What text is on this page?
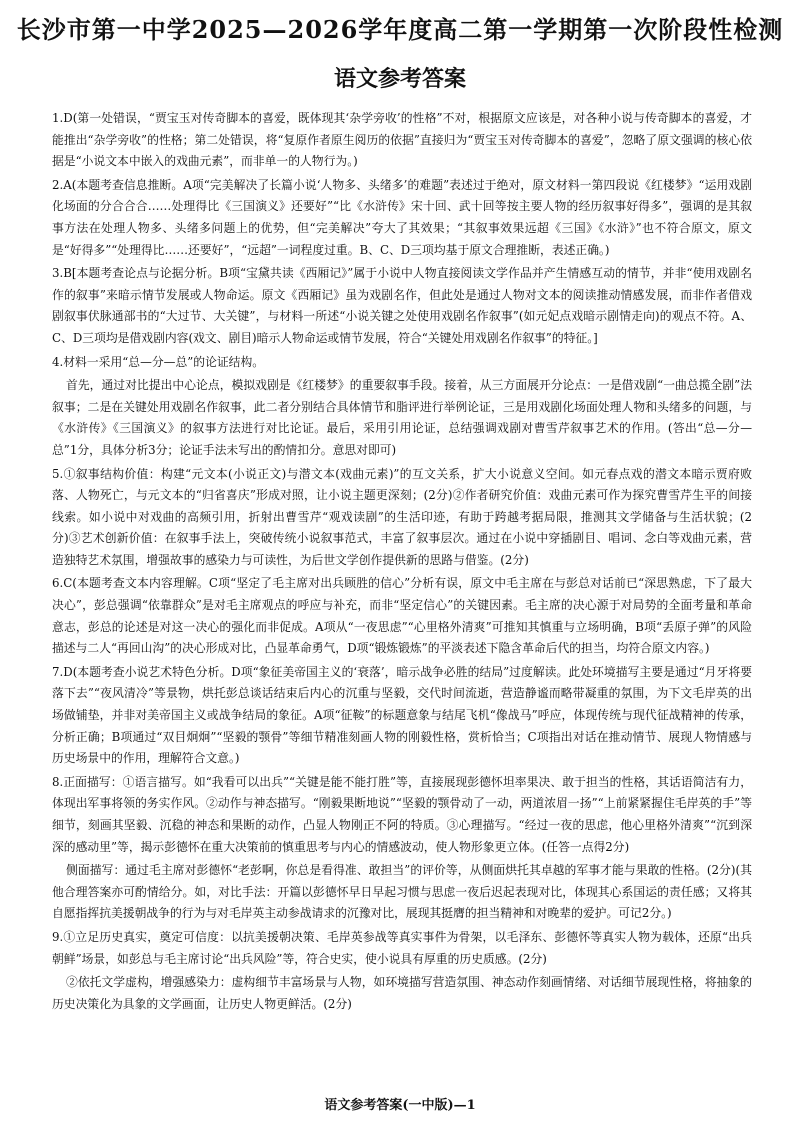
长沙市第一中学2025—2026学年度高二第一学期第一次阶段性检测
语文参考答案

1.D(第一处错误，“贾宝玉对传奇脚本的喜爱，既体现其‘杂学旁收’的性格”不对，根据原文应该是，对各种小说与传奇脚本的喜爱，才能推出“杂学旁收”的性格；第二处错误，将“复原作者原生阅历的依据”直接归为“贾宝玉对传奇脚本的喜爱”，忽略了原文强调的核心依据是“小说文本中嵌入的戏曲元素”，而非单一的人物行为。)

2.A(本题考查信息推断。A项“完美解决了长篇小说‘人物多、头绪多’的难题”表述过于绝对，原文材料一第四段说《红楼梦》“运用戏剧化场面的分合合合……处理得比《三国演义》还要好”“比《水浒传》宋十回、武十回等按主要人物的经历叙事好得多”，强调的是其叙事方法在处理人物多、头绪多问题上的优势，但“完美解决”夸大了其效果；“其叙事效果远超《三国》《水浒》”也不符合原文，原文是“好得多”“处理得比……还要好”，“远超”一词程度过重。B、C、D三项均基于原文合理推断，表述正确。)

3.B[本题考查论点与论据分析。B项“宝黛共读《西厢记》”属于小说中人物直接阅读文学作品并产生情感互动的情节，并非“使用戏剧名作的叙事”来暗示情节发展或人物命运。原文《西厢记》虽为戏剧名作，但此处是通过人物对文本的阅读推动情感发展，而非作者借戏剧叙事伏脉通部书的“大过节、大关键”，与材料一所述“小说关键之处使用戏剧名作叙事”(如元妃点戏暗示剧情走向)的观点不符。A、C、D三项均是借戏剧内容(戏文、剧目)暗示人物命运或情节发展，符合“关键处用戏剧名作叙事”的特征。]

4.材料一采用“总—分—总”的论证结构。

首先，通过对比提出中心论点，模拟戏剧是《红楼梦》的重要叙事手段。接着，从三方面展开分论点：一是借戏剧“一曲总揽全剧”法叙事；二是在关键处用戏剧名作叙事，此二者分别结合具体情节和脂评进行举例论证，三是用戏剧化场面处理人物和头绪多的问题，与《水浒传》《三国演义》的叙事方法进行对比论证。最后，采用引用论证，总结强调戏剧对曹雪芹叙事艺术的作用。(答出“总—分—总”1分，具体分析3分；论证手法未写出的酌情扣分。意思对即可)

5.①叙事结构价值：构建“元文本(小说正文)与潜文本(戏曲元素)”的互文关系，扩大小说意义空间。如元春点戏的潜文本暗示贾府败落、人物死亡，与元文本的“归省喜庆”形成对照，让小说主题更深刻；(2分)②作者研究价值：戏曲元素可作为探究曹雪芹生平的间接线索。如小说中对戏曲的高频引用，折射出曹雪芹“观戏读剧”的生活印迹，有助于跨越考据局限，推测其文学储备与生活状貌；(2分)③艺术创新价值：在叙事手法上，突破传统小说叙事范式，丰富了叙事层次。通过在小说中穿插剧目、唱词、念白等戏曲元素，营造独特艺术氛围，增强故事的感染力与可读性，为后世文学创作提供新的思路与借鉴。(2分)

6.C(本题考查文本内容理解。C项“坚定了毛主席对出兵顾胜的信心”分析有误，原文中毛主席在与彭总对话前已“深思熟虑，下了最大决心”，彭总强调“依靠群众”是对毛主席观点的呼应与补充，而非“坚定信心”的关键因素。毛主席的决心源于对局势的全面考量和革命意志，彭总的论述是对这一决心的强化而非促成。A项从“一夜思虑”“心里格外清爽”可推知其慎重与立场明确，B项“丢原子弹”的风险描述与二人“再回山沟”的决心形成对比，凸显革命勇气，D项“锻炼锻炼”的平淡表述下隐含革命后代的担当，均符合原文内容。)

7.D(本题考查小说艺术特色分析。D项“象征美帝国主义的‘衰落’，暗示战争必胜的结局”过度解读。此处环境描写主要是通过“月牙将要落下去”“夜风清冷”等景物，烘托彭总谈话结束后内心的沉重与坚毅，交代时间流逝，营造静谧而略带凝重的氛围，为下文毛岸英的出场做铺垫，并非对美帝国主义或战争结局的象征。A项“征鞍”的标题意象与结尾飞机“像战马”呼应，体现传统与现代征战精神的传承，分析正确；B项通过“双目炯炯”“坚毅的颚骨”等细节精准刻画人物的刚毅性格，赏析恰当；C项指出对话在推动情节、展现人物情感与历史场景中的作用，理解符合文意。)

8.正面描写：①语言描写。如“我看可以出兵”“关键是能不能打胜”等，直接展现彭德怀坦率果决、敢于担当的性格，其话语简洁有力，体现出军事将领的务实作风。②动作与神态描写。“刚毅果断地说”“坚毅的颚骨动了一动，两道浓眉一扬”“上前紧紧握住毛岸英的手”等细节，刻画其坚毅、沉稳的神态和果断的动作，凸显人物刚正不阿的特质。③心理描写。“经过一夜的思虑，他心里格外清爽”“沉到深深的感动里”等，揭示彭德怀在重大决策前的慎重思考与内心的情感波动，使人物形象更立体。(任答一点得2分)

侧面描写：通过毛主席对彭德怀“老彭啊，你总是看得准、敢担当”的评价等，从侧面烘托其卓越的军事才能与果敢的性格。(2分)(其他合理答案亦可酌情给分。如，对比手法：开篇以彭德怀早日早起习惯与思虑一夜后迟起表现对比，体现其心系国运的责任感；又将其自愿指挥抗美援朝战争的行为与对毛岸英主动参战请求的沉豫对比，展现其挺膺的担当精神和对晚辈的爱护。可记2分。)

9.①立足历史真实，奠定可信度：以抗美援朝决策、毛岸英参战等真实事件为骨架，以毛泽东、彭德怀等真实人物为载体，还原“出兵朝鲜”场景，如彭总与毛主席讨论“出兵风险”等，符合史实，使小说具有厚重的历史质感。(2分)

②依托文学虚构，增强感染力：虚构细节丰富场景与人物，如环境描写营造氛围、神态动作刻画情绪、对话细节展现性格，将抽象的历史决策化为具象的文学画面，让历史人物更鲜活。(2分)

语文参考答案(一中版)—1
